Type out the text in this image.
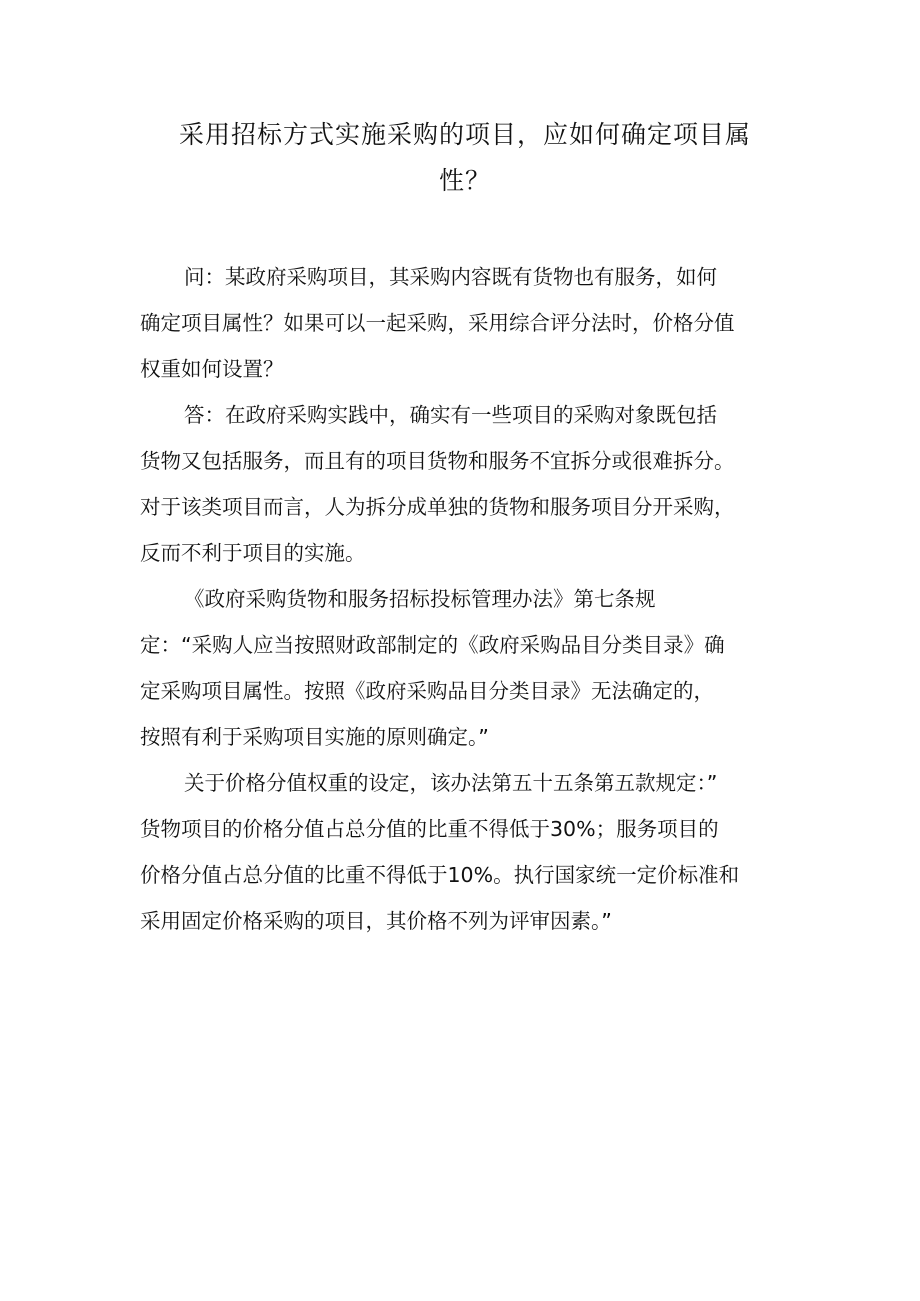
采用招标方式实施采购的项目，应如何确定项目属
性？

问：某政府采购项目，其采购内容既有货物也有服务，如何
确定项目属性？如果可以一起采购，采用综合评分法时，价格分值
权重如何设置？

答：在政府采购实践中，确实有一些项目的采购对象既包括
货物又包括服务，而且有的项目货物和服务不宜拆分或很难拆分。
对于该类项目而言，人为拆分成单独的货物和服务项目分开采购，
反而不利于项目的实施。

《政府采购货物和服务招标投标管理办法》第七条规
定：“采购人应当按照财政部制定的《政府采购品目分类目录》确
定采购项目属性。按照《政府采购品目分类目录》无法确定的，
按照有利于采购项目实施的原则确定。”

关于价格分值权重的设定，该办法第五十五条第五款规定：”
货物项目的价格分值占总分值的比重不得低于30%；服务项目的
价格分值占总分值的比重不得低于10%。执行国家统一定价标准和
采用固定价格采购的项目，其价格不列为评审因素。”
